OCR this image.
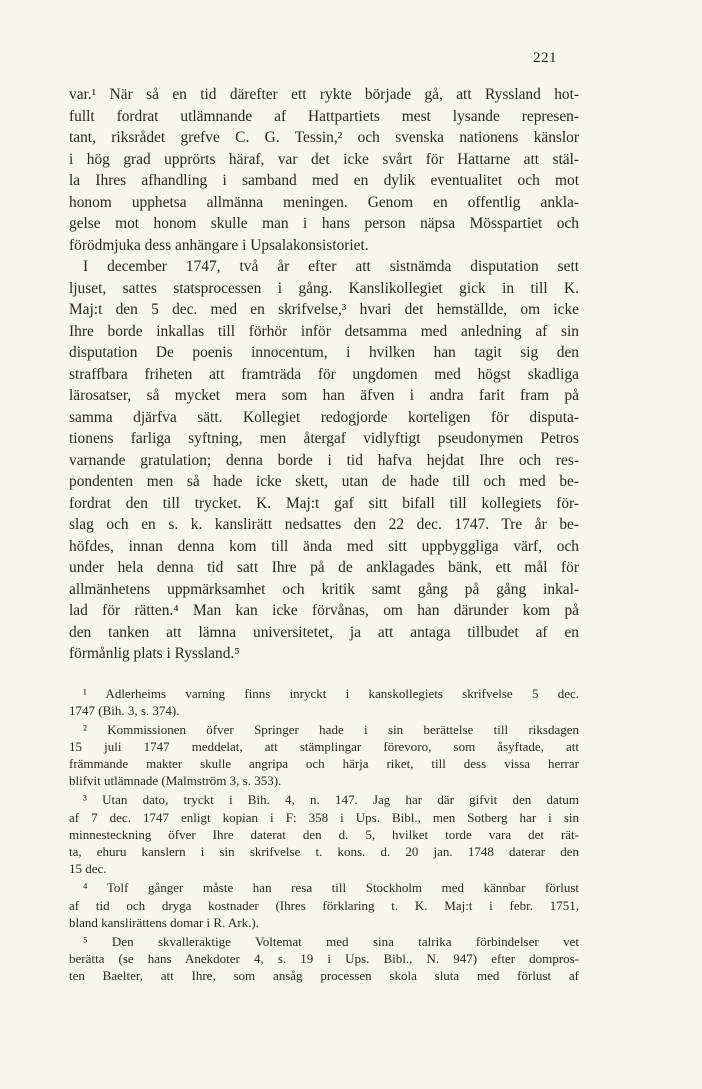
221
var.¹ När så en tid därefter ett rykte började gå, att Ryssland hot-
fullt fordrat utlämnande af Hattpartiets mest lysande represen-
tant, riksrådet grefve C. G. Tessin,² och svenska nationens känslor
i hög grad upprörts häraf, var det icke svårt för Hattarne att stäl-
la Ihres afhandling i samband med en dylik eventualitet och mot
honom upphetsa allmänna meningen. Genom en offentlig ankla-
gelse mot honom skulle man i hans person näpsa Mösspartiet och
förödmjuka dess anhängare i Upsalakonsistoriet.
I december 1747, två år efter att sistnämda disputation sett
ljuset, sattes statsprocessen i gång. Kanslikollegiet gick in till K.
Maj:t den 5 dec. med en skrifvelse,³ hvari det hemställde, om icke
Ihre borde inkallas till förhör inför detsamma med anledning af sin
disputation De poenis innocentum, i hvilken han tagit sig den
straffbara friheten att framträda för ungdomen med högst skadliga
lärosatser, så mycket mera som han äfven i andra farit fram på
samma djärfva sätt. Kollegiet redogjorde korteligen för disputa-
tionens farliga syftning, men återgaf vidlyftigt pseudonymen Petros
varnande gratulation; denna borde i tid hafva hejdat Ihre och res-
pondenten men så hade icke skett, utan de hade till och med be-
fordrat den till trycket. K. Maj:t gaf sitt bifall till kollegiets för-
slag och en s. k. kanslirätt nedsattes den 22 dec. 1747. Tre år be-
höfdes, innan denna kom till ända med sitt uppbyggliga värf, och
under hela denna tid satt Ihre på de anklagades bänk, ett mål för
allmänhetens uppmärksamhet och kritik samt gång på gång inkal-
lad för rätten.⁴ Man kan icke förvånas, om han därunder kom på
den tanken att lämna universitetet, ja att antaga tillbudet af en
förmånlig plats i Ryssland.⁵
¹ Adlerheims varning finns inryckt i kanskollegiets skrifvelse 5 dec.
1747 (Bih. 3, s. 374).
² Kommissionen öfver Springer hade i sin berättelse till riksdagen
15 juli 1747 meddelat, att stämplingar förevoro, som åsyftade, att
främmande makter skulle angripa och härja riket, till dess vissa herrar
blifvit utlämnade (Malmström 3, s. 353).
³ Utan dato, tryckt i Bih. 4, n. 147. Jag har där gifvit den datum
af 7 dec. 1747 enligt kopian i F: 358 i Ups. Bibl., men Sotberg har i sin
minnesteckning öfver Ihre daterat den d. 5, hvilket torde vara det rät-
ta, ehuru kanslern i sin skrifvelse t. kons. d. 20 jan. 1748 daterar den
15 dec.
⁴ Tolf gånger måste han resa till Stockholm med kännbar förlust
af tid och dryga kostnader (Ihres förklaring t. K. Maj:t i febr. 1751,
bland kanslirättens domar i R. Ark.).
⁵ Den skvalleraktige Voltemat med sina talrika förbindelser vet
berätta (se hans Anekdoter 4, s. 19 i Ups. Bibl., N. 947) efter dompros-
ten Baelter, att Ihre, som ansåg processen skola sluta med förlust af
